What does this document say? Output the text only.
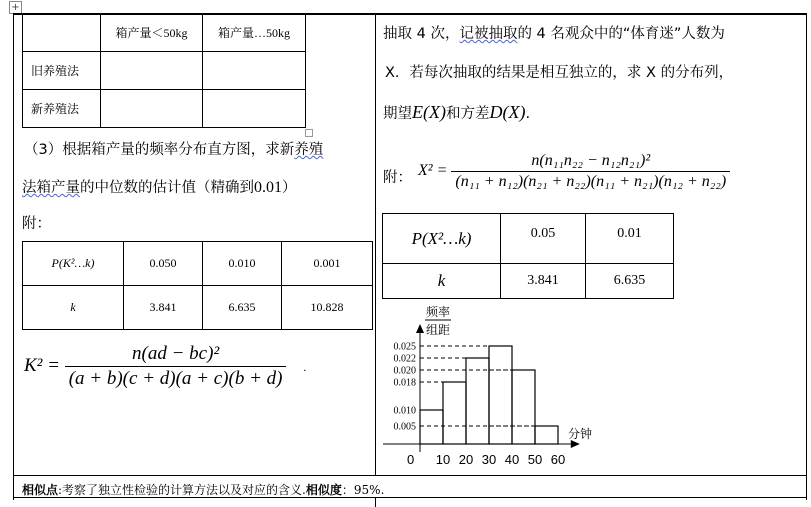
+
	箱产量＜50kg	箱产量…50kg
旧养殖法		
新养殖法		
（3）根据箱产量的频率分布直方图，求新养殖
法箱产量的中位数的估计值（精确到0.01）
附：
P(K²…k)	0.050	0.010	0.001
k	3.841	6.635	10.828
$K^2 = \frac{\text{n(ad − bc)²}}{(a + b)(c + d)(a + c)(b + d)}$ .
抽取 4 次，记被抽取的 4 名观众中的“体育迷”人数为
X．若每次抽取的结果是相互独立的，求 X 的分布列，
期望E(X)和方差D(X).
附： $X^2 = \frac{\text{n(n₁₁n₂₂ − n₁₂n₂₁)²}}{\text{(n₁₁ + n₁₂)(n₂₁ + n₂₂)(n₁₁ + n₂₁)(n₁₂ + n₂₂)}}$
P(X²…k)	0.05	0.01
k	3.841	6.635
频率
组距
分钟
0
0.025
0.022
0.020
0.018
0.010
0.005
10 20 30 40 50 60
相似点:考察了独立性检验的计算方法以及对应的含义.相似度：95%.
